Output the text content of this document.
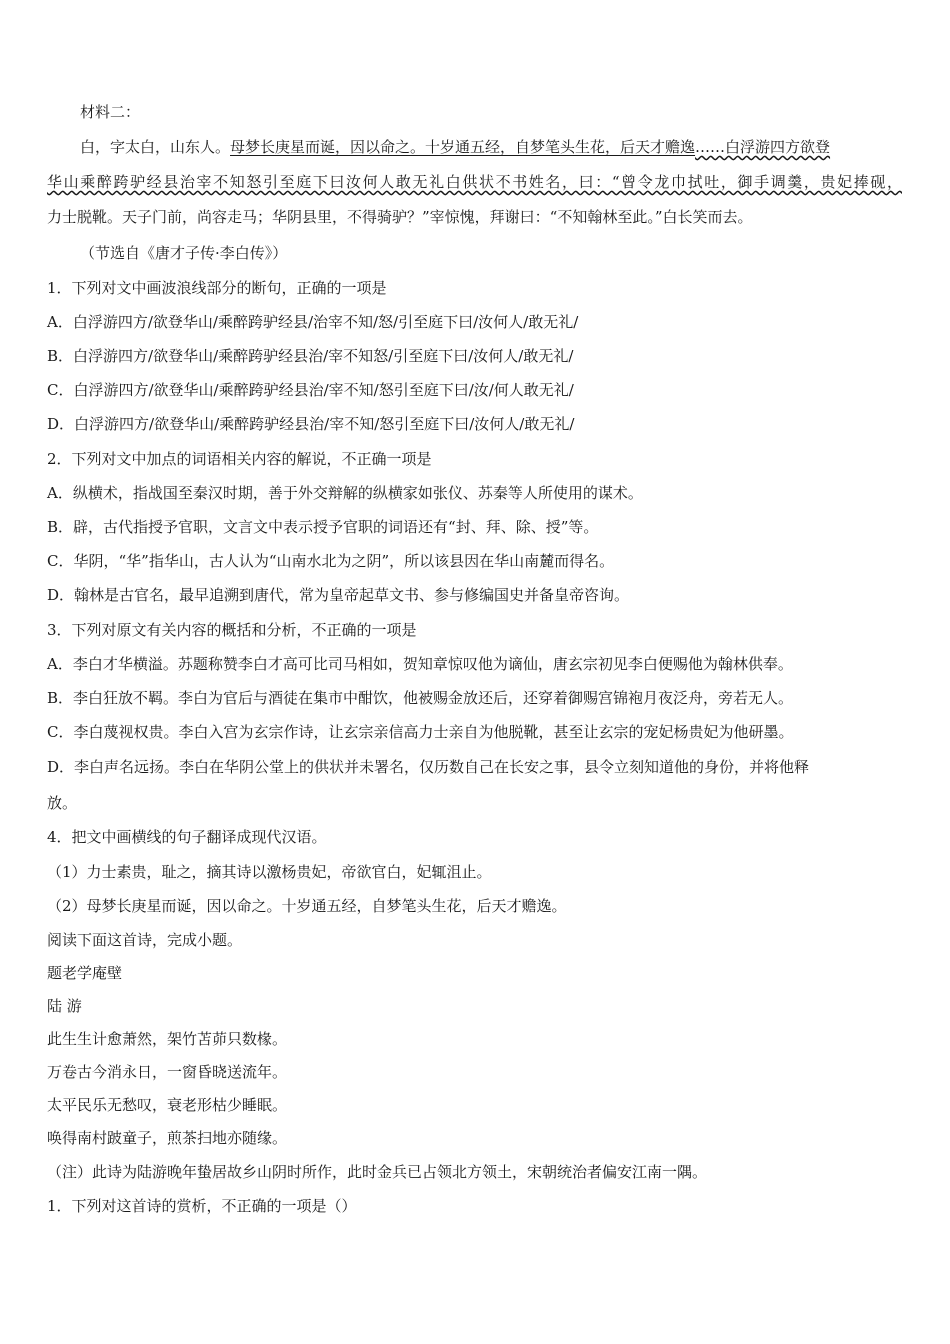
材料二：
白，字太白，山东人。母梦长庚星而诞，因以命之。十岁通五经，自梦笔头生花，后天才赡逸……白浮游四方欲登
华山乘醉跨驴经县治宰不知怒引至庭下曰汝何人敢无礼白供状不书姓名，曰：“曾令龙巾拭吐，御手调羹，贵妃捧砚，
力士脱靴。天子门前，尚容走马；华阴县里，不得骑驴？”宰惊愧，拜谢曰：“不知翰林至此。”白长笑而去。
（节选自《唐才子传·李白传》）
1．下列对文中画波浪线部分的断句，正确的一项是
A．白浮游四方/欲登华山/乘醉跨驴经县/治宰不知/怒/引至庭下曰/汝何人/敢无礼/
B．白浮游四方/欲登华山/乘醉跨驴经县治/宰不知怒/引至庭下曰/汝何人/敢无礼/
C．白浮游四方/欲登华山/乘醉跨驴经县治/宰不知/怒引至庭下曰/汝/何人敢无礼/
D．白浮游四方/欲登华山/乘醉跨驴经县治/宰不知/怒引至庭下曰/汝何人/敢无礼/
2．下列对文中加点的词语相关内容的解说，不正确一项是
A．纵横术，指战国至秦汉时期，善于外交辩解的纵横家如张仪、苏秦等人所使用的谋术。
B．辟，古代指授予官职，文言文中表示授予官职的词语还有“封、拜、除、授”等。
C．华阴，“华”指华山，古人认为“山南水北为之阴”，所以该县因在华山南麓而得名。
D．翰林是古官名，最早追溯到唐代，常为皇帝起草文书、参与修编国史并备皇帝咨询。
3．下列对原文有关内容的概括和分析，不正确的一项是
A．李白才华横溢。苏题称赞李白才高可比司马相如，贺知章惊叹他为谪仙，唐玄宗初见李白便赐他为翰林供奉。
B．李白狂放不羁。李白为官后与酒徒在集市中酣饮，他被赐金放还后，还穿着御赐宫锦袍月夜泛舟，旁若无人。
C．李白蔑视权贵。李白入宫为玄宗作诗，让玄宗亲信高力士亲自为他脱靴，甚至让玄宗的宠妃杨贵妃为他研墨。
D．李白声名远扬。李白在华阴公堂上的供状并未署名，仅历数自己在长安之事，县令立刻知道他的身份，并将他释
放。
4．把文中画横线的句子翻译成现代汉语。
（1）力士素贵，耻之，摘其诗以激杨贵妃，帝欲官白，妃辄沮止。
（2）母梦长庚星而诞，因以命之。十岁通五经，自梦笔头生花，后天才赡逸。
阅读下面这首诗，完成小题。
题老学庵壁
陆 游
此生生计愈萧然，架竹苫茆只数椽。
万卷古今消永日，一窗昏晓送流年。
太平民乐无愁叹，衰老形枯少睡眠。
唤得南村跛童子，煎茶扫地亦随缘。
（注）此诗为陆游晚年蛰居故乡山阴时所作，此时金兵已占领北方领土，宋朝统治者偏安江南一隅。
1．下列对这首诗的赏析，不正确的一项是（）
